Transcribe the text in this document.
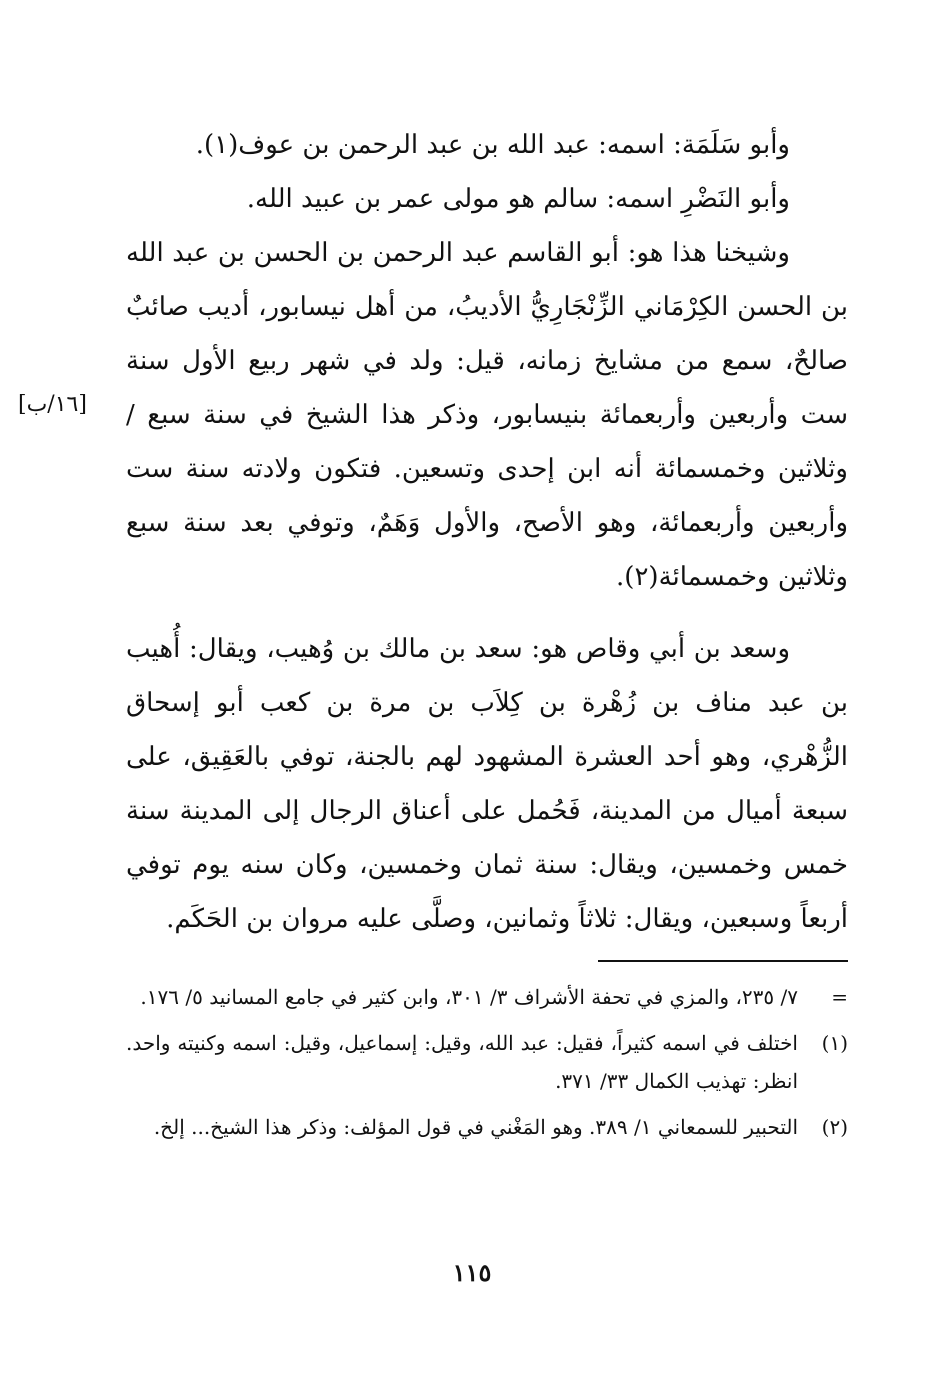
وأبو سَلَمَة: اسمه: عبد الله بن عبد الرحمن بن عوف(١).

وأبو النَضْرِ اسمه: سالم هو مولى عمر بن عبيد الله.

وشيخنا هذا هو: أبو القاسم عبد الرحمن بن الحسن بن عبد الله بن الحسن الكِرْمَاني الزِّنْجَارِيُّ الأديبُ، من أهل نيسابور، أديب صائبٌ صالحٌ، سمع من مشايخ زمانه، قيل: ولد في شهر ربيع الأول سنة ست وأربعين وأربعمائة بنيسابور، وذكر هذا الشيخ في سنة سبع / وثلاثين وخمسمائة أنه ابن إحدى وتسعين. فتكون ولادته سنة ست وأربعين وأربعمائة، وهو الأصح، والأول وَهَمٌ، وتوفي بعد سنة سبع وثلاثين وخمسمائة(٢).

وسعد بن أبي وقاص هو: سعد بن مالك بن وُهيب، ويقال: أُهيب بن عبد مناف بن زُهْرة بن كِلاَب بن مرة بن كعب أبو إسحاق الزُّهْري، وهو أحد العشرة المشهود لهم بالجنة، توفي بالعَقِيق، على سبعة أميال من المدينة، فَحُمل على أعناق الرجال إلى المدينة سنة خمس وخمسين، ويقال: سنة ثمان وخمسين، وكان سنه يوم توفي أربعاً وسبعين، ويقال: ثلاثاً وثمانين، وصلَّى عليه مروان بن الحَكَم.

[١٦/ب]
=
٧/ ٢٣٥، والمزي في تحفة الأشراف ٣/ ٣٠١، وابن كثير في جامع المسانيد ٥/ ١٧٦.
(١)
اختلف في اسمه كثيراً، فقيل: عبد الله، وقيل: إسماعيل، وقيل: اسمه وكنيته واحد. انظر: تهذيب الكمال ٣٣/ ٣٧١.
(٢)
التحبير للسمعاني ١/ ٣٨٩. وهو المَغْني في قول المؤلف: وذكر هذا الشيخ... إلخ.
١١٥
